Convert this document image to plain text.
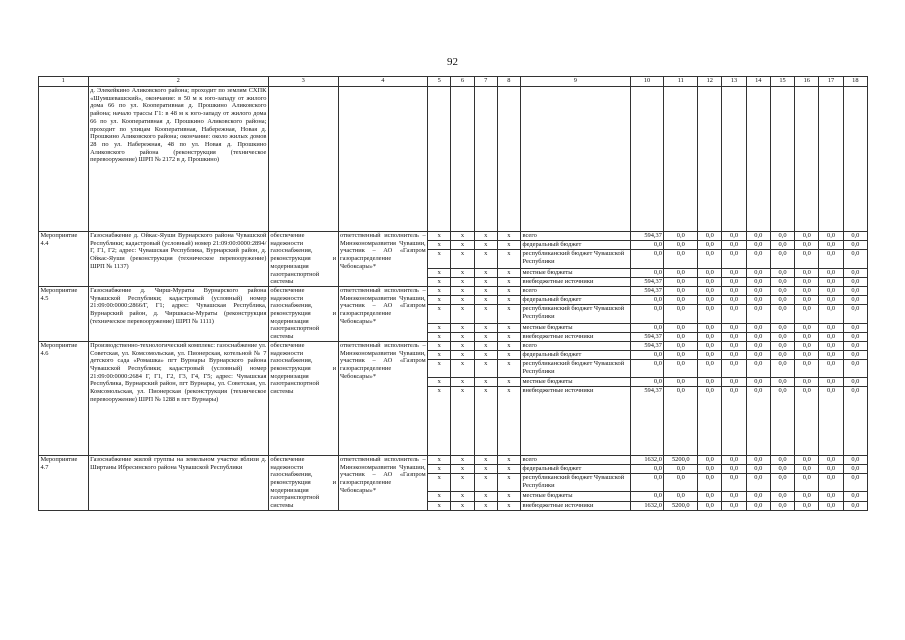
92
1	2	3	4	5	6	7	8	9	10	11	12	13	14	15	16	17	18
	д. Элекейкино Аликовского района; проходит по землям СХПК «Шумшевашский», окончание: в 50 м к юго-западу от жилого дома 66 по ул. Кооперативная д. Прошкино Аликовского района; начало трассы Г1: в 48 м к юго-западу от жилого дома 66 по ул. Кооперативная д. Прошкино Аликовского района; проходит по улицам Кооперативная, Набережная, Новая д. Прошкино Аликовского района; окончание: около жилых домов 28 по ул. Набережная, 48 по ул. Новая д. Прошкино Аликовского района (реконструкция (техническое перевооружение) ШРП № 2172 в д. Прошкино)																
Мероприятие 4.4	Газоснабжение д. Ойкас-Яуши Вурнарского района Чувашской Республики; кадастровый (условный) номер 21:09:00:0000:2894/Г, Г1, Г2; адрес: Чувашская Республика, Вурнарский район, д. Ойкас-Яуши (реконструкция (техническое перевооружение) ШРП № 1137)	обеспечение надежности газоснабжения, реконструкция и модернизация газотранспортной системы	ответственный исполнитель – Минэкономразвития Чувашии, участник – АО «Газпром газораспределение Чебоксары»*	x	x	x	x	всего	594,37	0,0	0,0	0,0	0,0	0,0	0,0	0,0	0,0
				x	x	x	x	федеральный бюджет	0,0	0,0	0,0	0,0	0,0	0,0	0,0	0,0	0,0
				x	x	x	x	республиканский бюджет Чувашской Республики	0,0	0,0	0,0	0,0	0,0	0,0	0,0	0,0	0,0
				x	x	x	x	местные бюджеты	0,0	0,0	0,0	0,0	0,0	0,0	0,0	0,0	0,0
				x	x	x	x	внебюджетные источники	594,37	0,0	0,0	0,0	0,0	0,0	0,0	0,0	0,0
Мероприятие 4.5	Газоснабжение д. Чирш-Мураты Вурнарского района Чувашской Республики; кадастровый (условный) номер 21:09:00:0000:2866/Г, Г1; адрес: Чувашская Республика, Вурнарский район, д. Чиршкасы-Мураты (реконструкция (техническое перевооружение) ШРП № 1111)	обеспечение надежности газоснабжения, реконструкция и модернизация газотранспортной системы	ответственный исполнитель – Минэкономразвития Чувашии, участник – АО «Газпром газораспределение Чебоксары»*	x	x	x	x	всего	594,37	0,0	0,0	0,0	0,0	0,0	0,0	0,0	0,0
				x	x	x	x	федеральный бюджет	0,0	0,0	0,0	0,0	0,0	0,0	0,0	0,0	0,0
				x	x	x	x	республиканский бюджет Чувашской Республики	0,0	0,0	0,0	0,0	0,0	0,0	0,0	0,0	0,0
				x	x	x	x	местные бюджеты	0,0	0,0	0,0	0,0	0,0	0,0	0,0	0,0	0,0
				x	x	x	x	внебюджетные источники	594,37	0,0	0,0	0,0	0,0	0,0	0,0	0,0	0,0
Мероприятие 4.6	Производственно-технологический комплекс: газоснабжение ул. Советская, ул. Комсомольская, ул. Пионерская, котельной № 7 детского сада «Ромашка» пгт Вурнары Вурнарского района Чувашской Республики; кадастровый (условный) номер 21:09:00:0000:2684 Г, Г1, Г2, Г3, Г4, Г5; адрес: Чувашская Республика, Вурнарский район, пгт Вурнары, ул. Советская, ул. Комсомольская, ул. Пионерская (реконструкция (техническое перевооружение) ШРП № 1288 в пгт Вурнары)	обеспечение надежности газоснабжения, реконструкция и модернизация газотранспортной системы	ответственный исполнитель – Минэкономразвития Чувашии, участник – АО «Газпром газораспределение Чебоксары»*	x	x	x	x	всего	594,37	0,0	0,0	0,0	0,0	0,0	0,0	0,0	0,0
				x	x	x	x	федеральный бюджет	0,0	0,0	0,0	0,0	0,0	0,0	0,0	0,0	0,0
				x	x	x	x	республиканский бюджет Чувашской Республики	0,0	0,0	0,0	0,0	0,0	0,0	0,0	0,0	0,0
				x	x	x	x	местные бюджеты	0,0	0,0	0,0	0,0	0,0	0,0	0,0	0,0	0,0
				x	x	x	x	внебюджетные источники	594,37	0,0	0,0	0,0	0,0	0,0	0,0	0,0	0,0
Мероприятие 4.7	Газоснабжение жилой группы на земельном участке вблизи д. Ширтаны Ибресинского района Чувашской Республики	обеспечение надежности газоснабжения, реконструкция и модернизация газотранспортной системы	ответственный исполнитель – Минэкономразвития Чувашии, участник – АО «Газпром газораспределение Чебоксары»*	x	x	x	x	всего	1632,0	5200,0	0,0	0,0	0,0	0,0	0,0	0,0	0,0
				x	x	x	x	федеральный бюджет	0,0	0,0	0,0	0,0	0,0	0,0	0,0	0,0	0,0
				x	x	x	x	республиканский бюджет Чувашской Республики	0,0	0,0	0,0	0,0	0,0	0,0	0,0	0,0	0,0
				x	x	x	x	местные бюджеты	0,0	0,0	0,0	0,0	0,0	0,0	0,0	0,0	0,0
				x	x	x	x	внебюджетные источники	1632,0	5200,0	0,0	0,0	0,0	0,0	0,0	0,0	0,0
